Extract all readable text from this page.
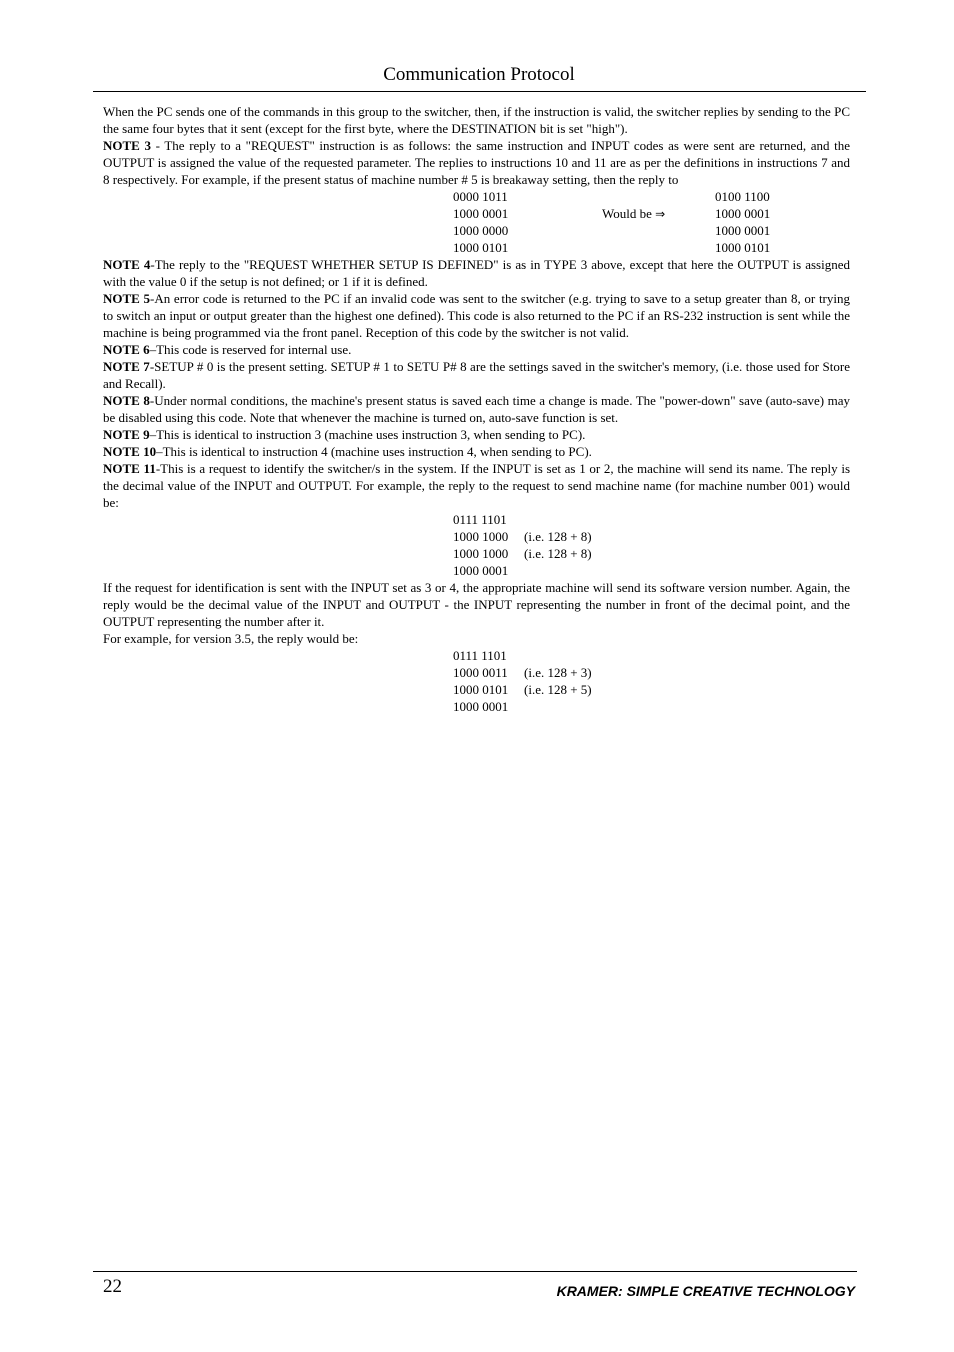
Communication Protocol

When the PC sends one of the commands in this group to the switcher, then, if the instruction is valid, the switcher replies by sending to the PC the same four bytes that it sent (except for the first byte, where the DESTINATION bit is set "high").

NOTE 3 - The reply to a "REQUEST" instruction is as follows: the same instruction and INPUT codes as were sent are returned, and the OUTPUT is assigned the value of the requested parameter. The replies to instructions 10 and 11 are as per the definitions in instructions 7 and 8 respectively. For example, if the present status of machine number # 5 is breakaway setting, then the reply to

0000 1011	0100 1100
1000 0001	Would be ⇒	1000 0001
1000 0000	1000 0001
1000 0101	1000 0101

NOTE 4-The reply to the "REQUEST WHETHER SETUP IS DEFINED" is as in TYPE 3 above, except that here the OUTPUT is assigned with the value 0 if the setup is not defined; or 1 if it is defined.

NOTE 5-An error code is returned to the PC if an invalid code was sent to the switcher (e.g. trying to save to a setup greater than 8, or trying to switch an input or output greater than the highest one defined). This code is also returned to the PC if an RS-232 instruction is sent while the machine is being programmed via the front panel. Reception of this code by the switcher is not valid.

NOTE 6–This code is reserved for internal use.

NOTE 7-SETUP # 0 is the present setting. SETUP # 1 to SETU P# 8 are the settings saved in the switcher's memory, (i.e. those used for Store and Recall).

NOTE 8-Under normal conditions, the machine's present status is saved each time a change is made. The "power-down" save (auto-save) may be disabled using this code. Note that whenever the machine is turned on, auto-save function is set.

NOTE 9–This is identical to instruction 3 (machine uses instruction 3, when sending to PC).

NOTE 10–This is identical to instruction 4 (machine uses instruction 4, when sending to PC).

NOTE 11-This is a request to identify the switcher/s in the system. If the INPUT is set as 1 or 2, the machine will send its name. The reply is the decimal value of the INPUT and OUTPUT. For example, the reply to the request to send machine name (for machine number 001) would be:

0111 1101
1000 1000 (i.e. 128 + 8)
1000 1000 (i.e. 128 + 8)
1000 0001

If the request for identification is sent with the INPUT set as 3 or 4, the appropriate machine will send its software version number. Again, the reply would be the decimal value of the INPUT and OUTPUT - the INPUT representing the number in front of the decimal point, and the OUTPUT representing the number after it.

For example, for version 3.5, the reply would be:

0111 1101
1000 0011 (i.e. 128 + 3)
1000 0101 (i.e. 128 + 5)
1000 0001
22	KRAMER: SIMPLE CREATIVE TECHNOLOGY
